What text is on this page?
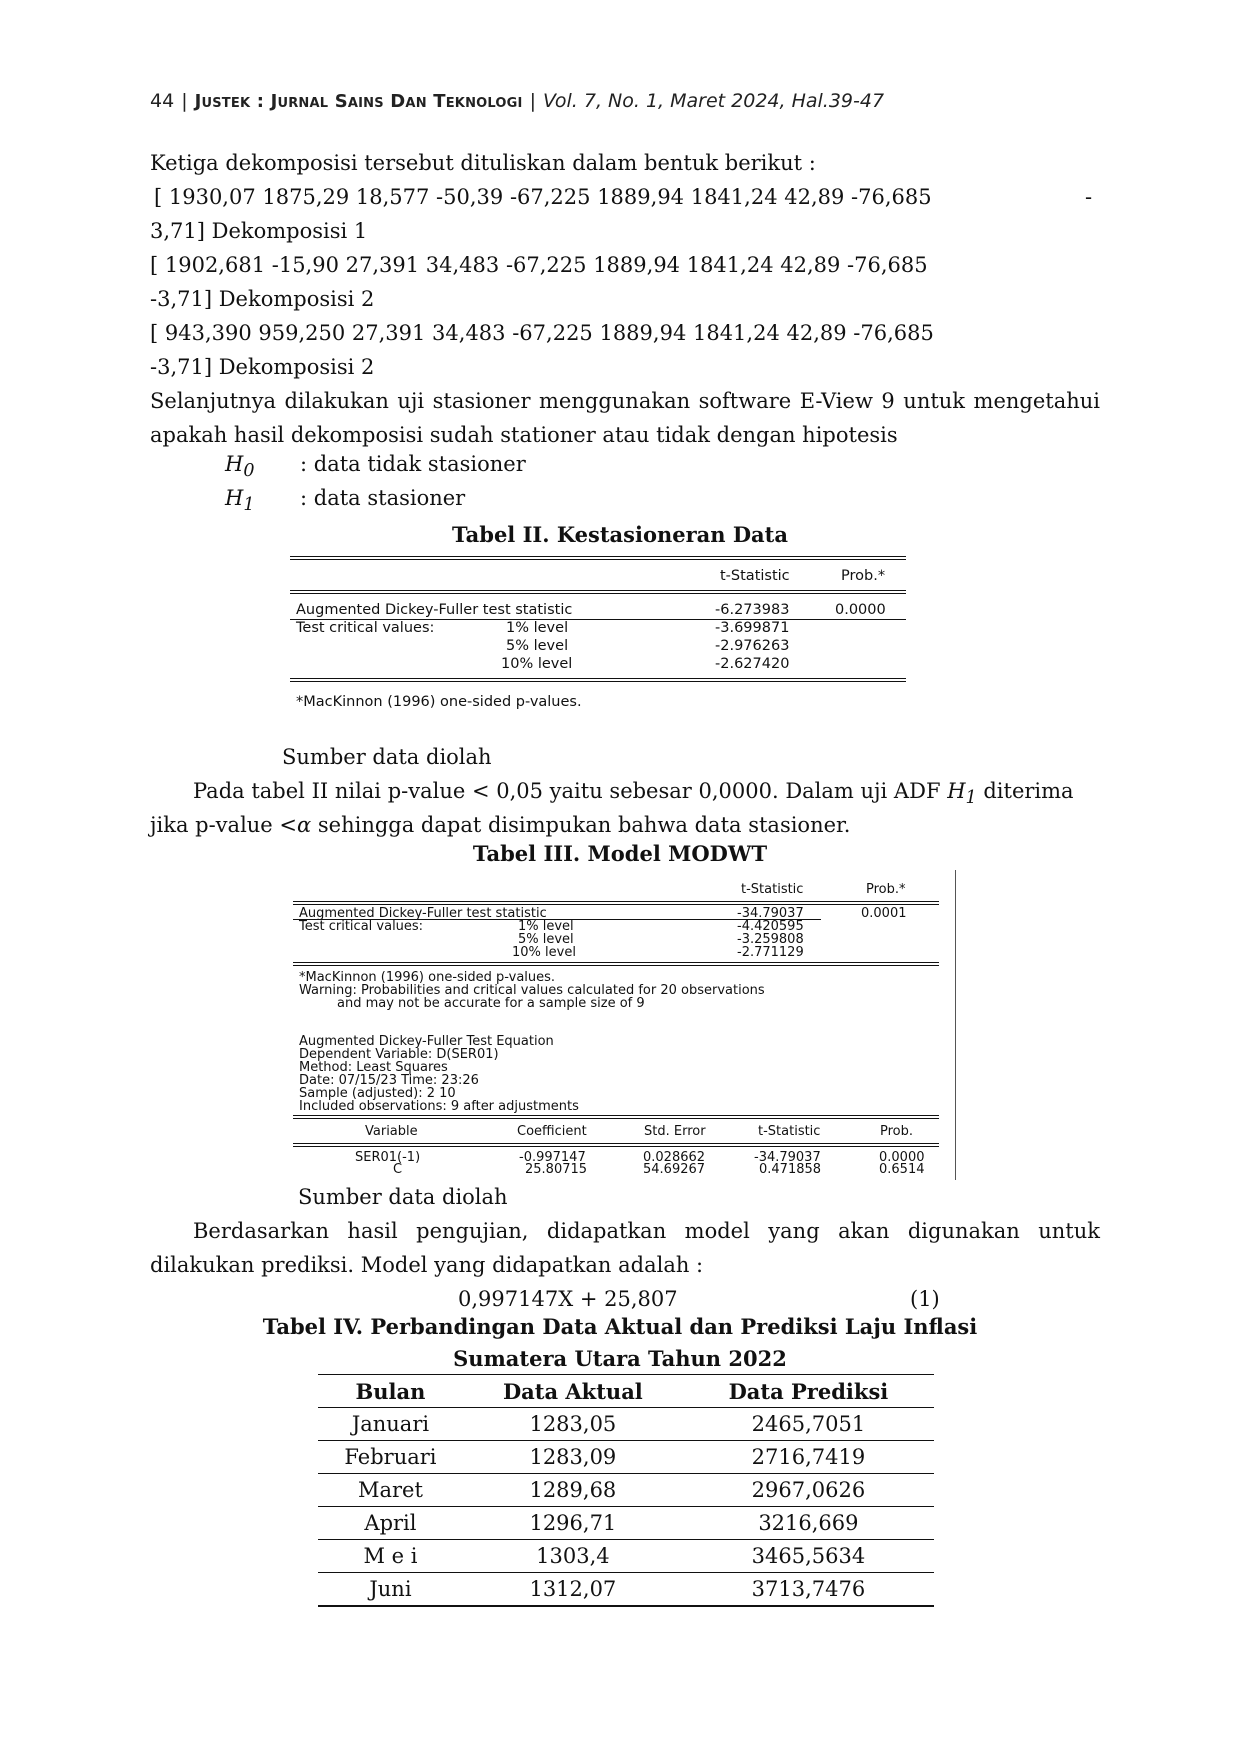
44 | Justek : Jurnal Sains Dan Teknologi | Vol. 7, No. 1, Maret 2024, Hal.39-47
Ketiga dekomposisi tersebut dituliskan dalam bentuk berikut :
[ 1930,07 1875,29 18,577 -50,39 -67,225 1889,94 1841,24 42,89 -76,685	-
3,71] Dekomposisi 1
[ 1902,681 -15,90 27,391 34,483 -67,225 1889,94 1841,24 42,89 -76,685
-3,71] Dekomposisi 2
[ 943,390 959,250 27,391 34,483 -67,225 1889,94 1841,24 42,89 -76,685
-3,71] Dekomposisi 2
Selanjutnya dilakukan uji stasioner menggunakan software E-View 9 untuk mengetahui
apakah hasil dekomposisi sudah stationer atau tidak dengan hipotesis
$H_0$ : data tidak stasioner
$H_1$ : data stasioner
Tabel II. Kestasioneran Data
t-Statistic	Prob.*
Augmented Dickey-Fuller test statistic	-6.273983	0.0000
Test critical values:	1% level	-3.699871
5% level	-2.976263
10% level	-2.627420
*MacKinnon (1996) one-sided p-values.
Sumber data diolah
Pada tabel II nilai p-value < 0,05 yaitu sebesar 0,0000. Dalam uji ADF $H_1$ diterima
jika p-value <α sehingga dapat disimpukan bahwa data stasioner.
Tabel III. Model MODWT
t-Statistic	Prob.*
Augmented Dickey-Fuller test statistic	-34.79037	0.0001
Test critical values:	1% level	-4.420595
5% level	-3.259808
10% level	-2.771129
*MacKinnon (1996) one-sided p-values.
Warning: Probabilities and critical values calculated for 20 observations
and may not be accurate for a sample size of 9
Augmented Dickey-Fuller Test Equation
Dependent Variable: D(SER01)
Method: Least Squares
Date: 07/15/23 Time: 23:26
Sample (adjusted): 2 10
Included observations: 9 after adjustments
Variable	Coefficient	Std. Error	t-Statistic	Prob.
SER01(-1)	-0.997147	0.028662	-34.79037	0.0000
C	25.80715	54.69267	0.471858	0.6514
Sumber data diolah
Berdasarkan hasil pengujian, didapatkan model yang akan digunakan untuk
dilakukan prediksi. Model yang didapatkan adalah :
0,997147X + 25,807	(1)
Tabel IV. Perbandingan Data Aktual dan Prediksi Laju Inflasi
Sumatera Utara Tahun 2022
Bulan	Data Aktual	Data Prediksi
Januari	1283,05	2465,7051
Februari	1283,09	2716,7419
Maret	1289,68	2967,0626
April	1296,71	3216,669
M e i	1303,4	3465,5634
Juni	1312,07	3713,7476
